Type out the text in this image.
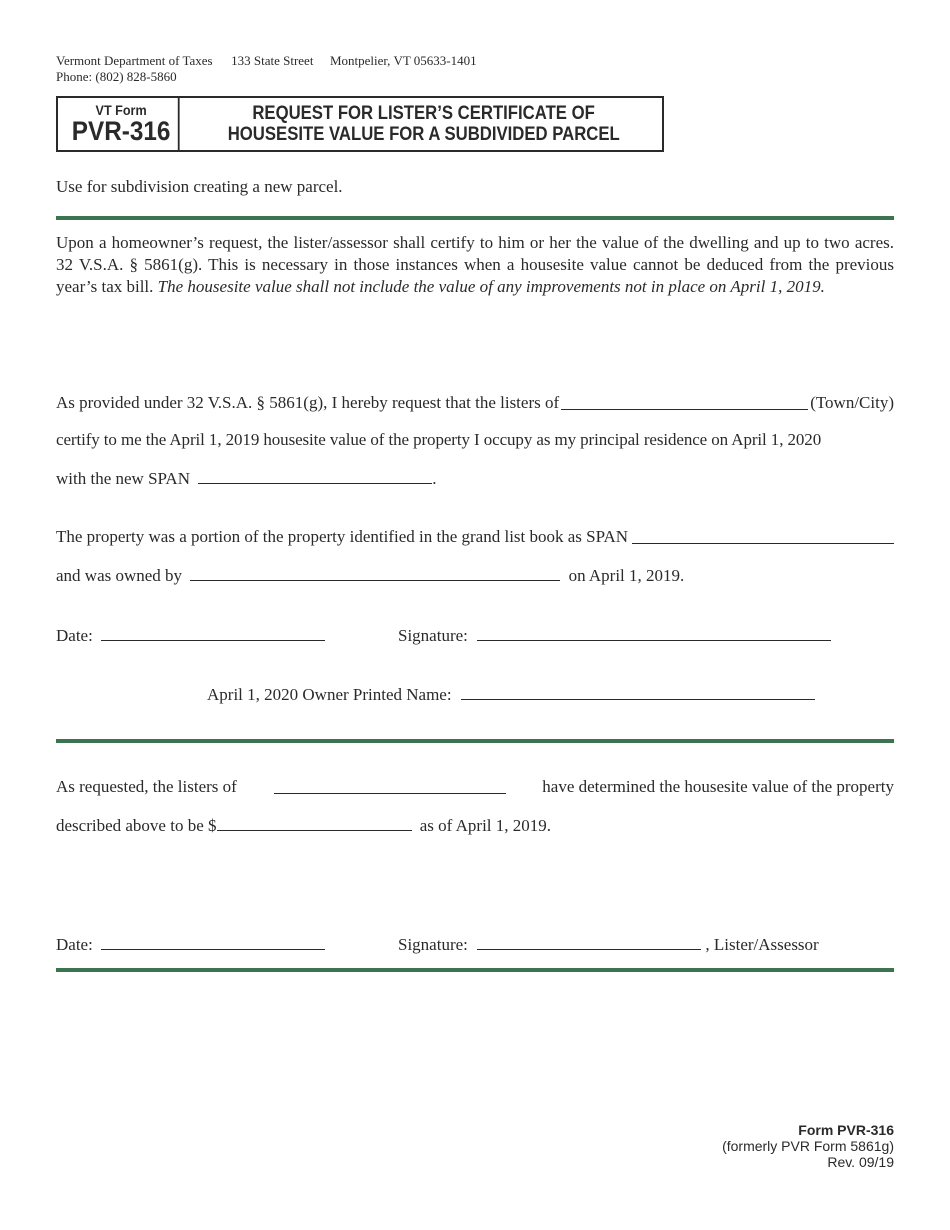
Vermont Department of Taxes 133 State Street Montpelier, VT 05633-1401
Phone: (802) 828-5860
VT Form
PVR-316
REQUEST FOR LISTER’S CERTIFICATE OF
HOUSESITE VALUE FOR A SUBDIVIDED PARCEL
Use for subdivision creating a new parcel.
Upon a homeowner’s request, the lister/assessor shall certify to him or her the value of the dwelling and up to two acres. 32 V.S.A. § 5861(g). This is necessary in those instances when a housesite value cannot be deduced from the previous year’s tax bill. The housesite value shall not include the value of any improvements not in place on April 1, 2019.
As provided under 32 V.S.A. § 5861(g), I hereby request that the listers of	(Town/City)
certify to me the April 1, 2019 housesite value of the property I occupy as my principal residence on April 1, 2020
with the new SPAN	.
The property was a portion of the property identified in the grand list book as SPAN
and was owned by	on April 1, 2019.
Date:	Signature:
April 1, 2020 Owner Printed Name:
As requested, the listers of	have determined the housesite value of the property
described above to be $	as of April 1, 2019.
Date:	Signature:	, Lister/Assessor
Form PVR-316
(formerly PVR Form 5861g)
Rev. 09/19
